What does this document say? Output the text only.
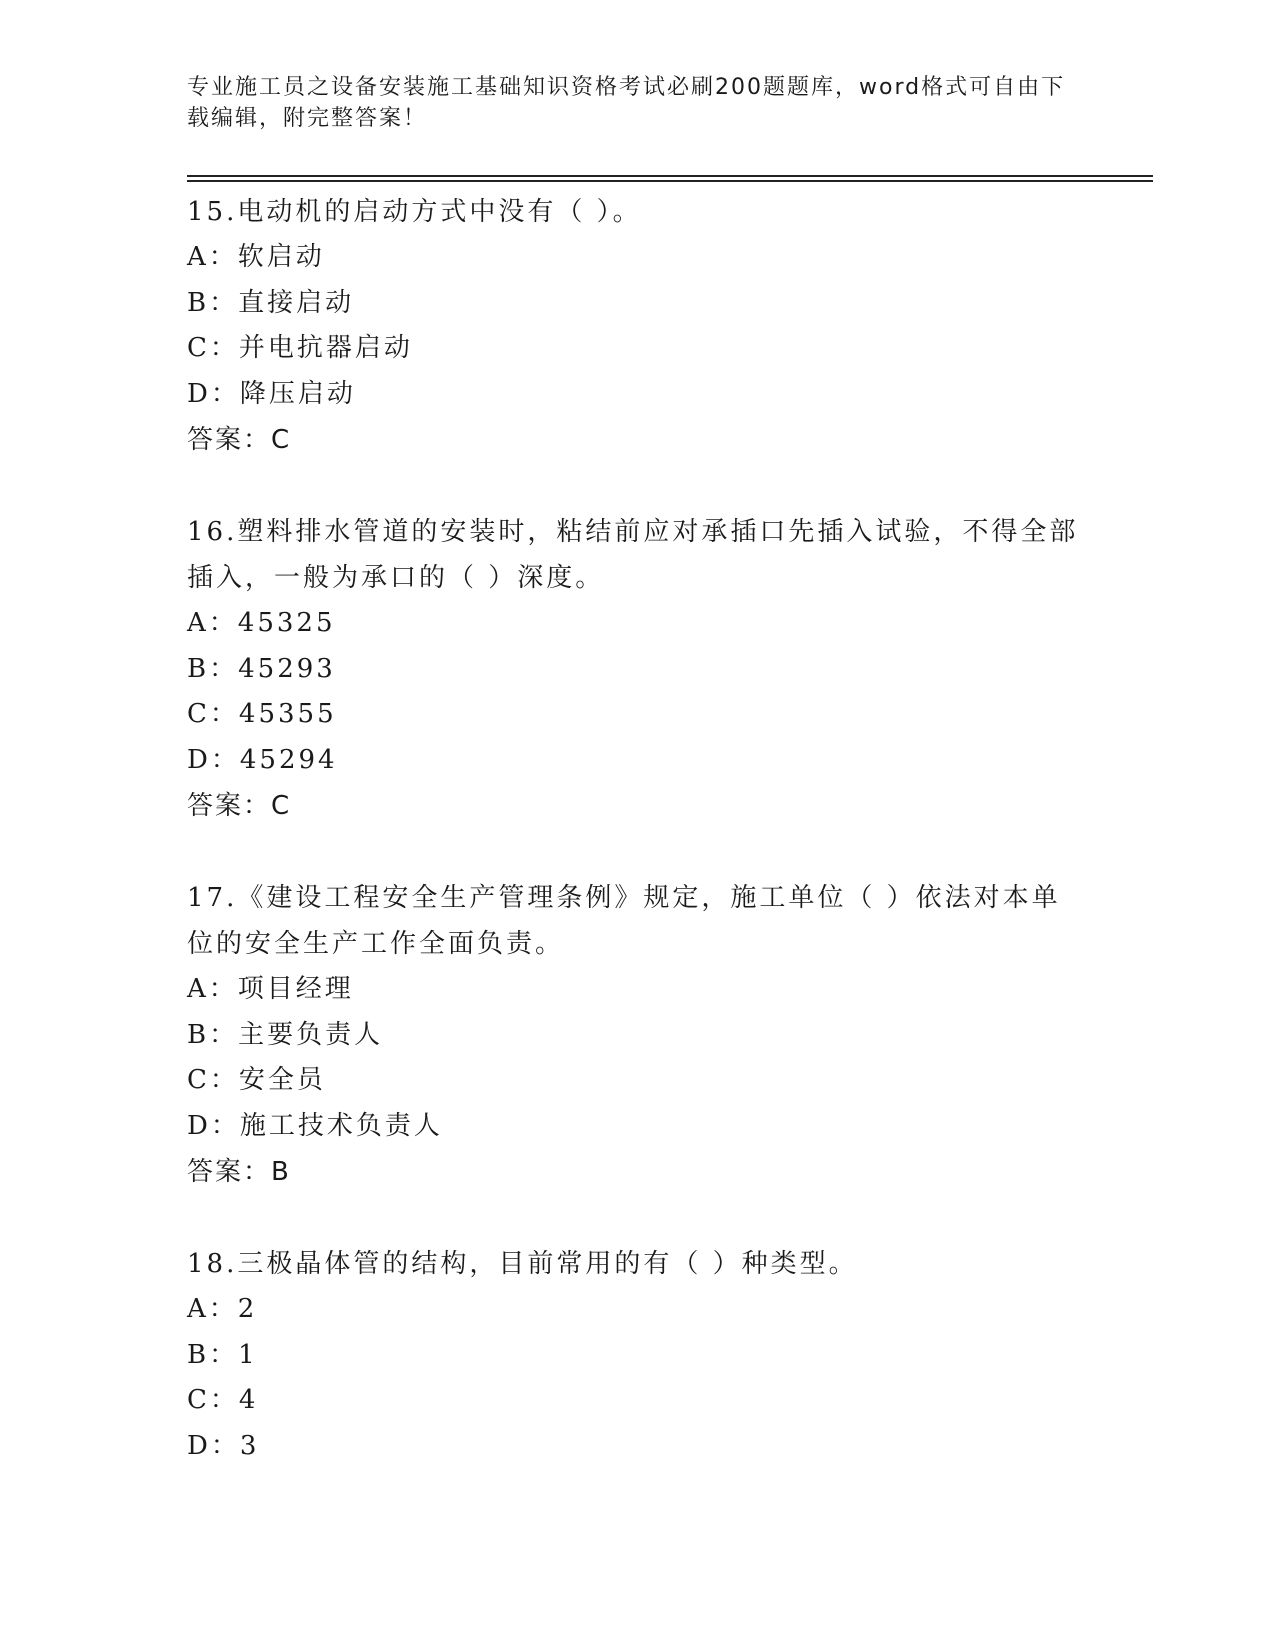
专业施工员之设备安装施工基础知识资格考试必刷200题题库，word格式可自由下载编辑，附完整答案！
15.电动机的启动方式中没有（ ）。
A：软启动
B：直接启动
C：并电抗器启动
D：降压启动
答案：C
16.塑料排水管道的安装时，粘结前应对承插口先插入试验，不得全部插入，一般为承口的（ ）深度。
A：45325
B：45293
C：45355
D：45294
答案：C
17.《建设工程安全生产管理条例》规定，施工单位（ ）依法对本单位的安全生产工作全面负责。
A：项目经理
B：主要负责人
C：安全员
D：施工技术负责人
答案：B
18.三极晶体管的结构，目前常用的有（ ）种类型。
A：2
B：1
C：4
D：3
